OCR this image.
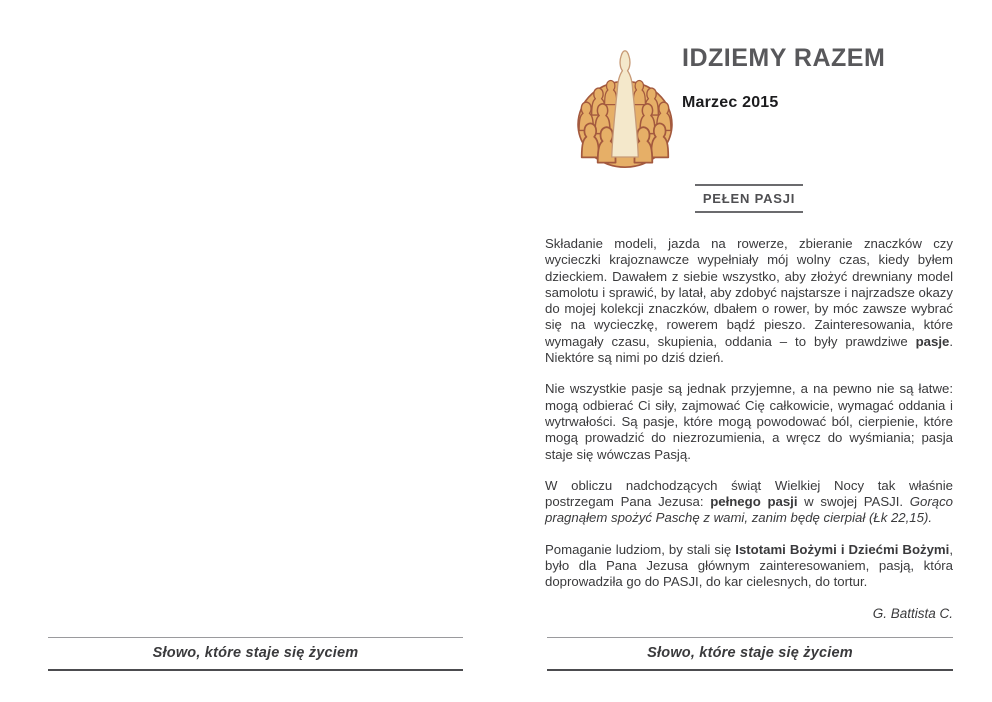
Słowo, które staje się życiem
IDZIEMY RAZEM
Marzec 2015
PEŁEN PASJI

Składanie modeli, jazda na rowerze, zbieranie znaczków czy wycieczki krajoznawcze wypełniały mój wolny czas, kiedy byłem dzieckiem. Dawałem z siebie wszystko, aby złożyć drewniany model samolotu i sprawić, by latał, aby zdobyć najstarsze i najrzadsze okazy do mojej kolekcji znaczków, dbałem o rower, by móc zawsze wybrać się na wycieczkę, rowerem bądź pieszo. Zainteresowania, które wymagały czasu, skupienia, oddania – to były prawdziwe pasje. Niektóre są nimi po dziś dzień.

Nie wszystkie pasje są jednak przyjemne, a na pewno nie są łatwe: mogą odbierać Ci siły, zajmować Cię całkowicie, wymagać oddania i wytrwałości. Są pasje, które mogą powodować ból, cierpienie, które mogą prowadzić do niezrozumienia, a wręcz do wyśmiania; pasja staje się wówczas Pasją.

W obliczu nadchodzących świąt Wielkiej Nocy tak właśnie postrzegam Pana Jezusa: pełnego pasji w swojej PASJI. Gorąco pragnąłem spożyć Paschę z wami, zanim będę cierpiał (Łk 22,15).

Pomaganie ludziom, by stali się Istotami Bożymi i Dziećmi Bożymi, było dla Pana Jezusa głównym zainteresowaniem, pasją, która doprowadziła go do PASJI, do kar cielesnych, do tortur.

G. Battista C.
Słowo, które staje się życiem
